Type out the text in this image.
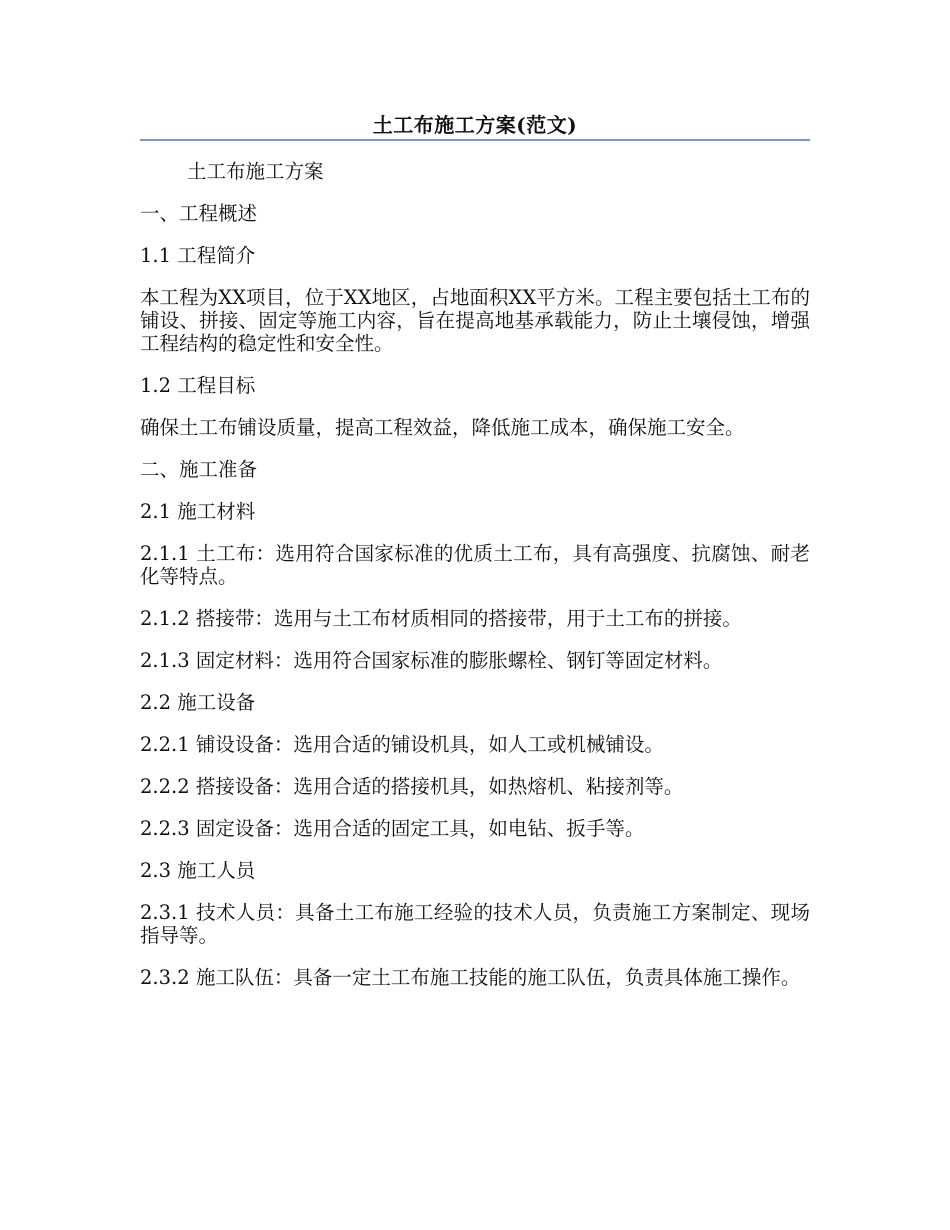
土工布施工方案(范文)

土工布施工方案

一、工程概述

1.1 工程简介

本工程为XX项目，位于XX地区，占地面积XX平方米。工程主要包括土工布的铺设、拼接、固定等施工内容，旨在提高地基承载能力，防止土壤侵蚀，增强工程结构的稳定性和安全性。

1.2 工程目标

确保土工布铺设质量，提高工程效益，降低施工成本，确保施工安全。

二、施工准备

2.1 施工材料

2.1.1 土工布：选用符合国家标准的优质土工布，具有高强度、抗腐蚀、耐老化等特点。

2.1.2 搭接带：选用与土工布材质相同的搭接带，用于土工布的拼接。

2.1.3 固定材料：选用符合国家标准的膨胀螺栓、钢钉等固定材料。

2.2 施工设备

2.2.1 铺设设备：选用合适的铺设机具，如人工或机械铺设。

2.2.2 搭接设备：选用合适的搭接机具，如热熔机、粘接剂等。

2.2.3 固定设备：选用合适的固定工具，如电钻、扳手等。

2.3 施工人员

2.3.1 技术人员：具备土工布施工经验的技术人员，负责施工方案制定、现场指导等。

2.3.2 施工队伍：具备一定土工布施工技能的施工队伍，负责具体施工操作。
